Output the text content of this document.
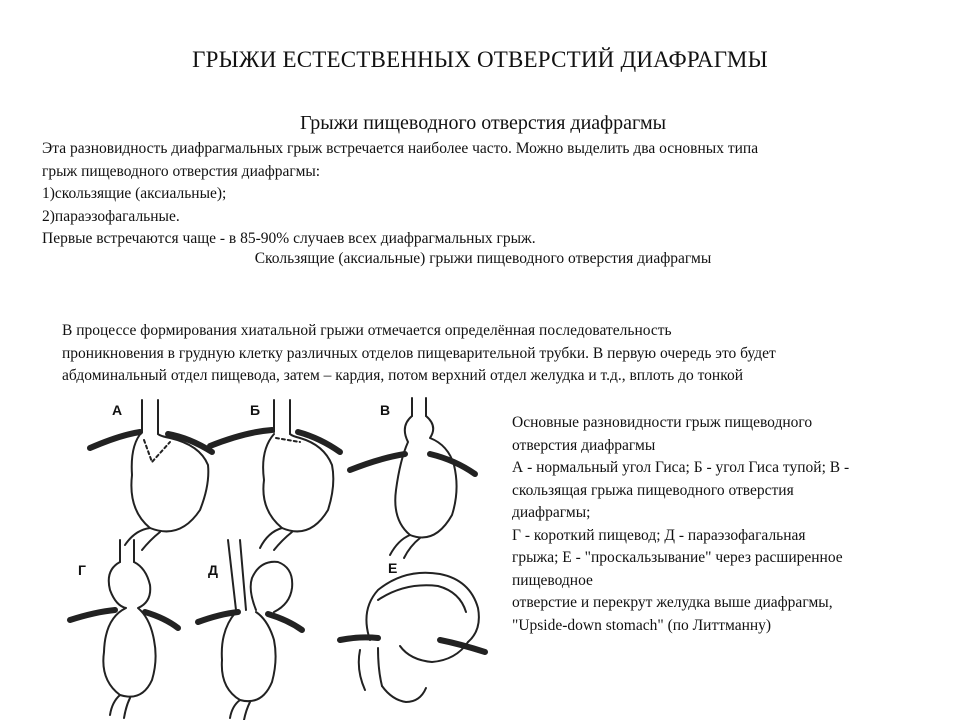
ГРЫЖИ ЕСТЕСТВЕННЫХ ОТВЕРСТИЙ ДИАФРАГМЫ
Грыжи пищеводного отверстия диафрагмы
Эта разновидность диафрагмальных грыж встречается наиболее часто. Можно выделить два основных типа
грыж пищеводного отверстия диафрагмы:
1)скользящие (аксиальные);
2)параэзофагальные.
Первые встречаются чаще - в 85-90% случаев всех диафрагмальных грыж.
Скользящие (аксиальные) грыжи пищеводного отверстия диафрагмы
В процессе формирования хиатальной грыжи отмечается определённая последовательность
проникновения в грудную клетку различных отделов пищеварительной трубки. В первую очередь это будет
абдоминальный отдел пищевода, затем – кардия, потом верхний отдел желудка и т.д., вплоть до тонкой
Основные разновидности грыж пищеводного
отверстия диафрагмы
А - нормальный угол Гиса; Б - угол Гиса тупой; В -
скользящая грыжа пищеводного отверстия
диафрагмы;
Г - короткий пищевод; Д - параэзофагальная
грыжа; Е - "проскальзывание" через расширенное
пищеводное
отверстие и перекрут желудка выше диафрагмы,
"Upside-down stomach" (по Литтманну)
А	Б	В
Г	Д	Е
